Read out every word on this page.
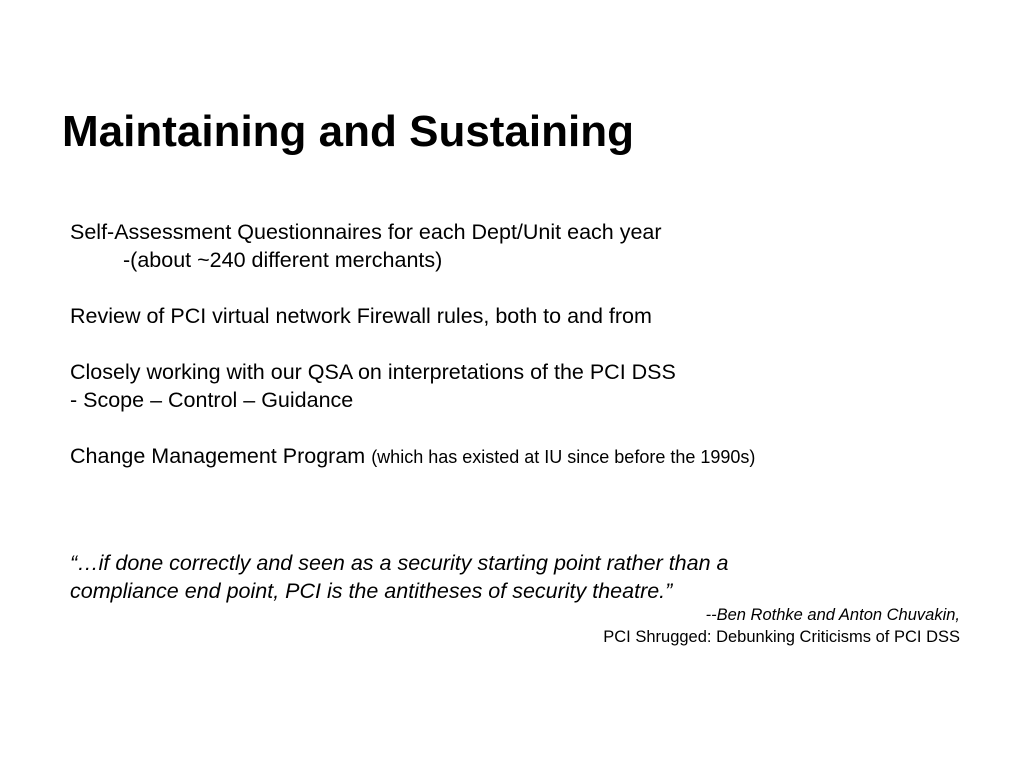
Maintaining and Sustaining
Self-Assessment Questionnaires for each Dept/Unit each year
-(about ~240 different merchants)
Review of PCI virtual network Firewall rules, both to and from
Closely working with our QSA on interpretations of the PCI DSS
- Scope – Control – Guidance
Change Management Program (which has existed at IU since before the 1990s)
“…if done correctly and seen as a security starting point rather than a
compliance end point, PCI is the antitheses of security theatre.”
--Ben Rothke and Anton Chuvakin,
PCI Shrugged: Debunking Criticisms of PCI DSS
